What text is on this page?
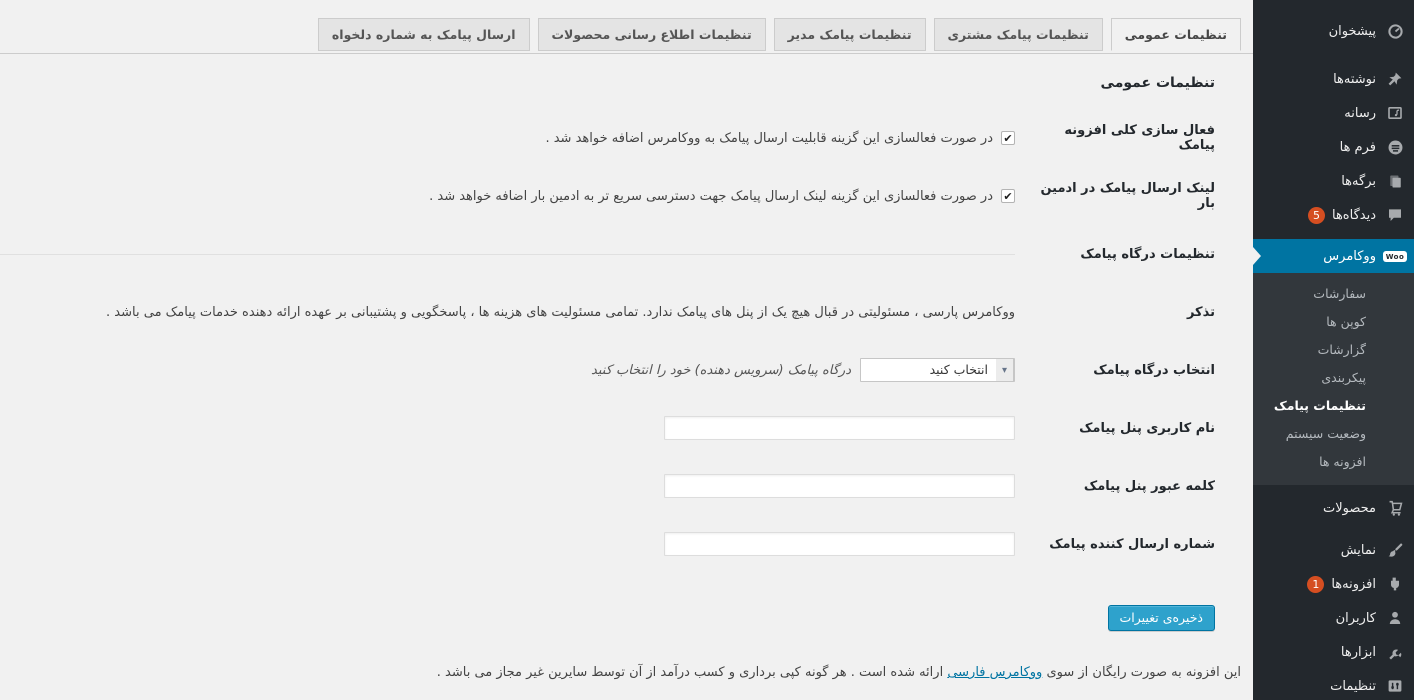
تنظیمات عمومیتنظیمات پیامک مشتریتنظیمات پیامک مدیرتنظیمات اطلاع رسانی محصولاتارسال پیامک به شماره دلخواه
تنظیمات عمومی
فعال سازی کلی افزونه پیامک
✔
در صورت فعالسازی این گزینه قابلیت ارسال پیامک به ووکامرس اضافه خواهد شد .
لینک ارسال پیامک در ادمین بار
✔
در صورت فعالسازی این گزینه لینک ارسال پیامک جهت دسترسی سریع تر به ادمین بار اضافه خواهد شد .
تنظیمات درگاه پیامک
تذکر
ووکامرس پارسی ، مسئولیتی در قبال هیچ یک از پنل های پیامک ندارد. تمامی مسئولیت های هزینه ها ، پاسخگویی و پشتیبانی بر عهده ارائه دهنده خدمات پیامک می باشد .
انتخاب درگاه پیامک
انتخاب کنید	▾
درگاه پیامک (سرویس دهنده) خود را انتخاب کنید
نام کاربری پنل پیامک
کلمه عبور پنل پیامک
شماره ارسال کننده پیامک
ذخیره‌ی تغییرات
این افزونه به صورت رایگان از سوی ووکامرس فارسی ارائه شده است . هر گونه کپی برداری و کسب درآمد از آن توسط سایرین غیر مجاز می باشد .
پیشخوان
نوشته‌ها
رسانه
فرم ها
برگه‌ها
دیدگاه‌ها
5
Woo
ووکامرس
سفارشات
کوپن ها
گزارشات
پیکربندی
تنظیمات پیامک
وضعیت سیستم
افزونه ها
محصولات
نمایش
افزونه‌ها
1
کاربران
ابزارها
تنظیمات
